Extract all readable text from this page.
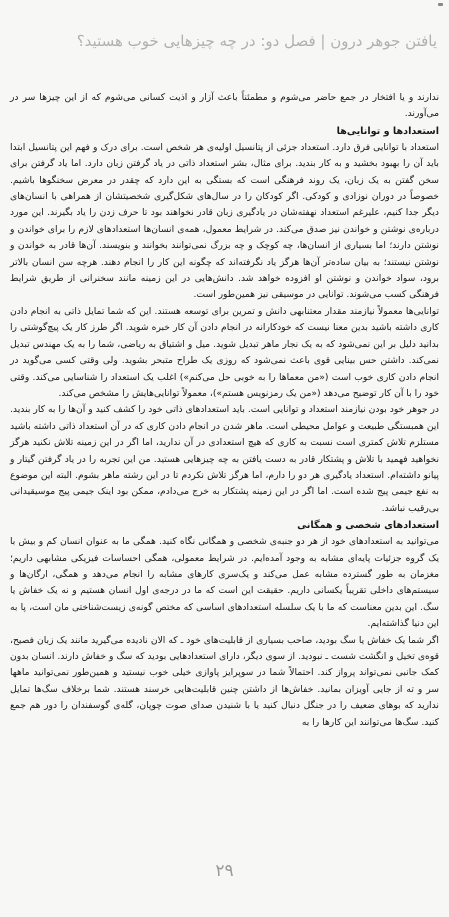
یافتن جوهر درون | فصل دو: در چه چیزهایی خوب هستید؟

ندارند و یا افتخار در جمع حاضر می‌شوم و مطمئناً باعث آزار و اذیت کسانی می‌شوم که از این چیزها سر در می‌آورند.

استعدادها و توانایی‌ها

استعداد با توانایی فرق دارد. استعداد جزئی از پتانسیل اولیه‌ی هر شخص است. برای درک و فهم این پتانسیل ابتدا باید آن را بهبود بخشید و به کار بندید. برای مثال، بشر استعداد ذاتی در یاد گرفتن زبان دارد. اما یاد گرفتن برای سخن گفتن به یک زبان، یک روند فرهنگی است که بستگی به این دارد که چقدر در معرض سخنگوها باشیم. خصوصاً در دوران نوزادی و کودکی. اگر کودکان را در سال‌های شکل‌گیری شخصیتشان از همراهی با انسان‌های دیگر جدا کنیم، علیرغم استعداد نهفته‌شان در یادگیری زبان قادر نخواهند بود تا حرف زدن را یاد بگیرند. این مورد درباره‌ی نوشتن و خواندن نیز صدق می‌کند. در شرایط معمول، همه‌ی انسان‌ها استعدادهای لازم را برای خواندن و نوشتن دارند؛ اما بسیاری از انسان‌ها، چه کوچک و چه بزرگ نمی‌توانند بخوانند و بنویسند. آن‌ها قادر به خواندن و نوشتن نیستند؛ به بیان ساده‌تر آن‌ها هرگز یاد نگرفته‌اند که چگونه این کار را انجام دهند. هرچه سن انسان بالاتر برود، سواد خواندن و نوشتن او افزوده خواهد شد. دانش‌هایی در این زمینه مانند سخنرانی از طریق شرایط فرهنگی کسب می‌شوند. توانایی در موسیقی نیز همین‌طور است.

توانایی‌ها معمولاً نیازمند مقدار معتنابهی دانش و تمرین برای توسعه هستند. این که شما تمایل ذاتی به انجام دادن کاری داشته باشید بدین معنا نیست که خودکارانه در انجام دادن آن کار خبره شوید. اگر طرز کار یک پیچ‌گوشتی را بدانید دلیل بر این نمی‌شود که به یک نجار ماهر تبدیل شوید. میل و اشتیاق به ریاضی، شما را به یک مهندس تبدیل نمی‌کند. داشتن حس بینایی قوی باعث نمی‌شود که روزی یک طراح متبحر بشوید. ولی وقتی کسی می‌گوید در انجام دادن کاری خوب است («من معماها را به خوبی حل می‌کنم») اغلب یک استعداد را شناسایی می‌کند. وقتی خود را با آن کار توضیح می‌دهد («من یک رمزنویس هستم»)، معمولاً توانایی‌هایش را مشخص می‌کند.

در جوهر خود بودن نیازمند استعداد و توانایی است. باید استعدادهای ذاتی خود را کشف کنید و آن‌ها را به کار بندید. این همبستگی طبیعت و عوامل محیطی است. ماهر شدن در انجام دادن کاری که در آن استعداد ذاتی داشته باشید مستلزم تلاش کمتری است نسبت به کاری که هیچ استعدادی در آن ندارید، اما اگر در این زمینه تلاش نکنید هرگز نخواهید فهمید با تلاش و پشتکار قادر به دست یافتن به چه چیزهایی هستید. من این تجربه را در یاد گرفتن گیتار و پیانو داشته‌ام. استعداد یادگیری هر دو را دارم، اما هرگز تلاش نکردم تا در این رشته ماهر بشوم. البته این موضوع به نفع جیمی پیج شده است. اما اگر در این زمینه پشتکار به خرج می‌دادم، ممکن بود اینک جیمی پیج موسیقیدانی بی‌رقیب نباشد.

استعدادهای شخصی و همگانی

می‌توانید به استعدادهای خود از هر دو جنبه‌ی شخصی و همگانی نگاه کنید. همگی ما به عنوان انسان کم و بیش با یک گروه جزئیات پایه‌ای مشابه به وجود آمده‌ایم. در شرایط معمولی، همگی احساسات فیزیکی مشابهی داریم؛ مغزمان به طور گسترده مشابه عمل می‌کند و یک‌سری کارهای مشابه را انجام می‌دهد و همگی، ارگان‌ها و سیستم‌های داخلی تقریباً یکسانی داریم. حقیقت این است که ما در درجه‌ی اول انسان هستیم و نه یک خفاش یا سگ. این بدین معناست که ما با یک سلسله استعدادهای اساسی که مختص گونه‌ی زیست‌شناختی مان است، پا به این دنیا گذاشته‌ایم.

اگر شما یک خفاش یا سگ بودید، صاحب بسیاری از قابلیت‌های خود ـ که الان نادیده می‌گیرید مانند یک زبان فصیح، قوه‌ی تخیل و انگشت شست ـ نبودید. از سوی دیگر، دارای استعدادهایی بودید که سگ و خفاش دارند. انسان بدون کمک جانبی نمی‌تواند پرواز کند. احتمالاً شما در سوپرایز پاوازی خیلی خوب نیستید و همین‌طور نمی‌توانید ماهها سر و ته از جایی آویزان بمانید. خفاش‌ها از داشتن چنین قابلیت‌هایی خرسند هستند. شما برخلاف سگ‌ها تمایل ندارید که بوهای ضعیف را در جنگل دنبال کنید یا با شنیدن صدای صوت چوپان، گله‌ی گوسفندان را دور هم جمع کنید. سگ‌ها می‌توانند این کارها را به

۲۹
